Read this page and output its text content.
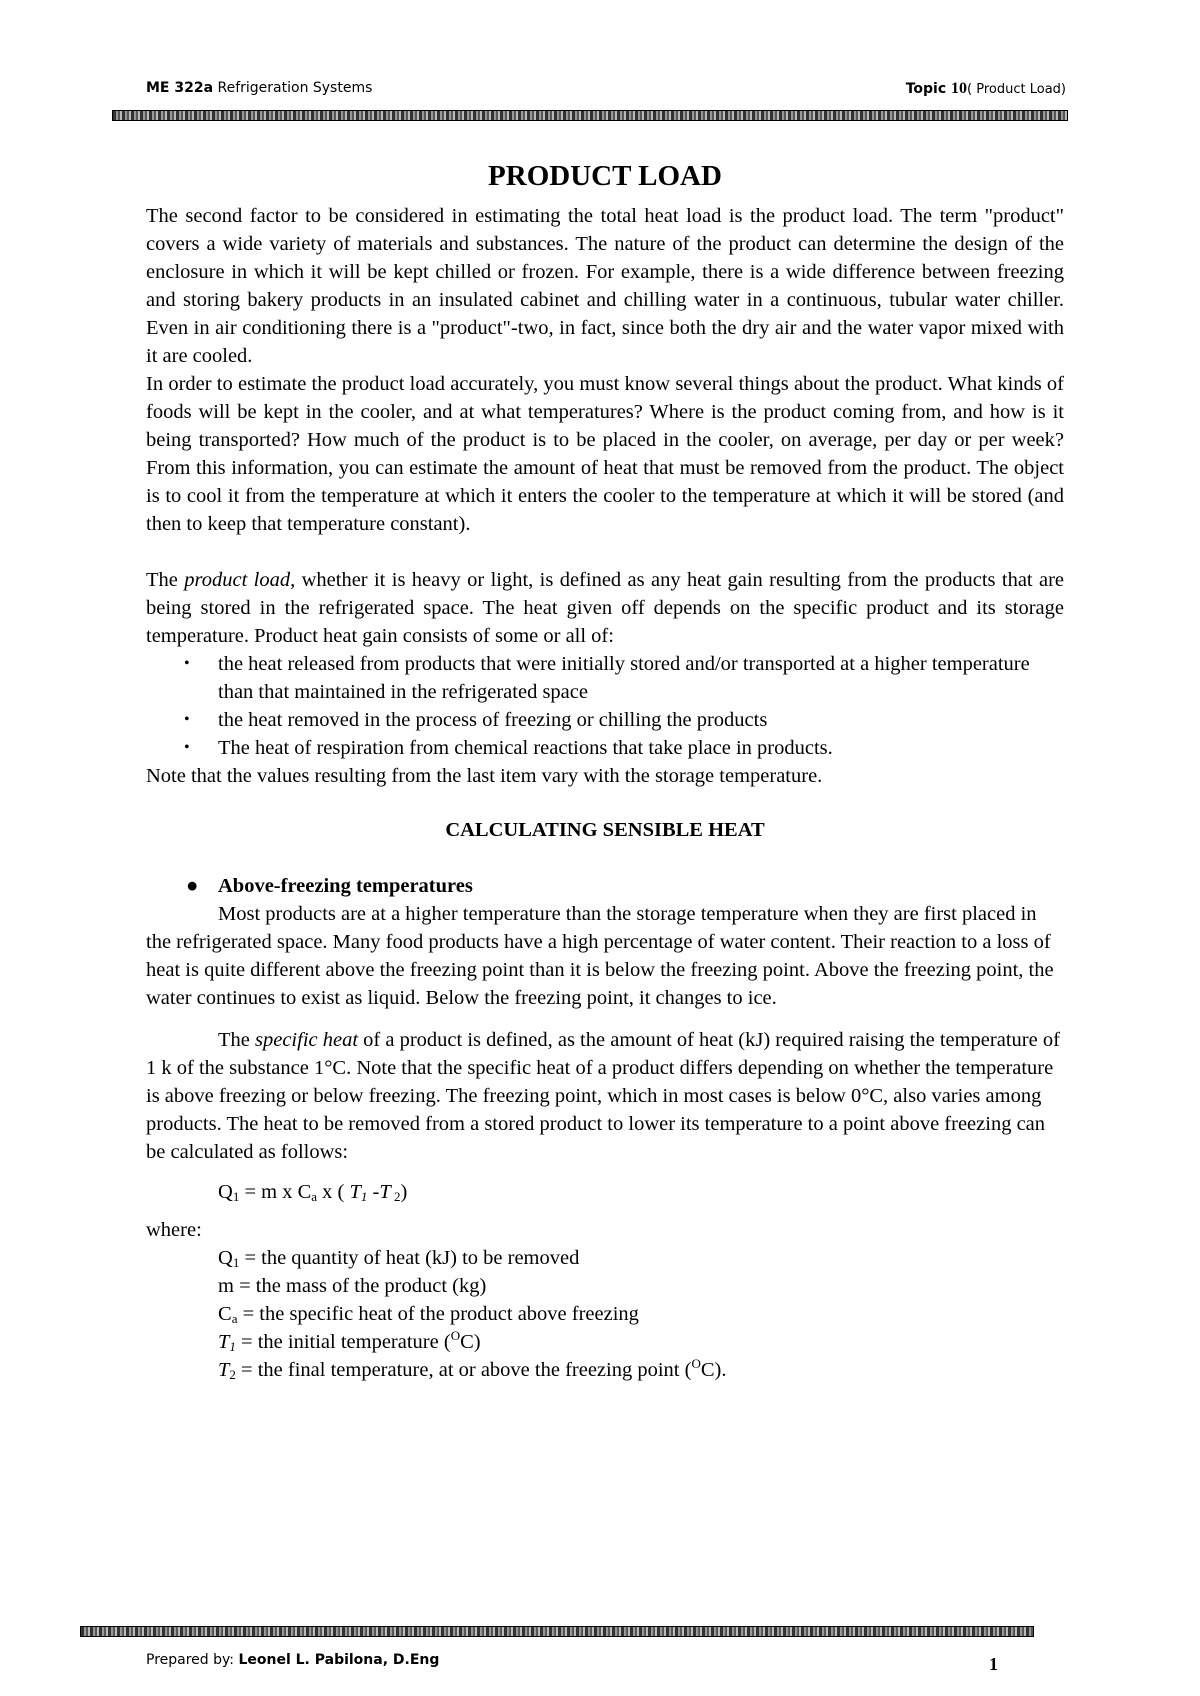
ME 322a Refrigeration Systems	Topic 10( Product Load)
PRODUCT LOAD

The second factor to be considered in estimating the total heat load is the product load. The term "product" covers a wide variety of materials and substances. The nature of the product can determine the design of the enclosure in which it will be kept chilled or frozen. For example, there is a wide difference between freezing and storing bakery products in an insulated cabinet and chilling water in a continuous, tubular water chiller. Even in air conditioning there is a "product"-two, in fact, since both the dry air and the water vapor mixed with it are cooled.

In order to estimate the product load accurately, you must know several things about the product. What kinds of foods will be kept in the cooler, and at what temperatures? Where is the product coming from, and how is it being transported? How much of the product is to be placed in the cooler, on average, per day or per week? From this information, you can estimate the amount of heat that must be removed from the product. The object is to cool it from the temperature at which it enters the cooler to the temperature at which it will be stored (and then to keep that temperature constant).

The product load, whether it is heavy or light, is defined as any heat gain resulting from the products that are being stored in the refrigerated space. The heat given off depends on the specific product and its storage temperature. Product heat gain consists of some or all of:

• the heat released from products that were initially stored and/or transported at a higher temperature than that maintained in the refrigerated space
• the heat removed in the process of freezing or chilling the products
• The heat of respiration from chemical reactions that take place in products.

Note that the values resulting from the last item vary with the storage temperature.

CALCULATING SENSIBLE HEAT
● Above-freezing temperatures

Most products are at a higher temperature than the storage temperature when they are first placed in the refrigerated space. Many food products have a high percentage of water content. Their reaction to a loss of heat is quite different above the freezing point than it is below the freezing point. Above the freezing point, the water continues to exist as liquid. Below the freezing point, it changes to ice.

The specific heat of a product is defined, as the amount of heat (kJ) required raising the temperature of 1 k of the substance 1°C. Note that the specific heat of a product differs depending on whether the temperature is above freezing or below freezing. The freezing point, which in most cases is below 0°C, also varies among products. The heat to be removed from a stored product to lower its temperature to a point above freezing can be calculated as follows:

$Q_1 = m$ x $C_a$ x ( $T_1$ -T $_2$)

where:

$Q_1$ = the quantity of heat (kJ) to be removed

m = the mass of the product (kg)

$C_a$ = the specific heat of the product above freezing

$T_1$ = the initial temperature ($^O$C)

$T_2$ = the final temperature, at or above the freezing point ($^O$C).

Prepared by: Leonel L. Pabilona, D.Eng	1
